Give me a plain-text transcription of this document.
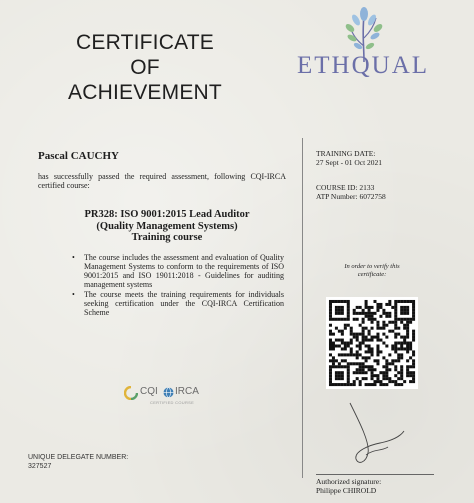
CERTIFICATE OF
ACHIEVEMENT
ETHQUAL
Pascal CAUCHY
has successfully passed the required assessment, following CQI-IRCA certified course:
PR328: ISO 9001:2015 Lead Auditor
(Quality Management Systems)
Training course
• The course includes the assessment and evaluation of Quality Management Systems to conform to the requirements of ISO 9001:2015 and ISO 19011:2018 - Guidelines for auditing management systems
• The course meets the training requirements for individuals seeking certification under the CQI-IRCA Certification Scheme
CQI IRCA
CERTIFIED COURSE
UNIQUE DELEGATE NUMBER:
327527
TRAINING DATE:
27 Sept - 01 Oct 2021
COURSE ID: 2133
ATP Number: 6072758
In order to verify this certificate:
Authorized signature:
Philippe CHIROLD
